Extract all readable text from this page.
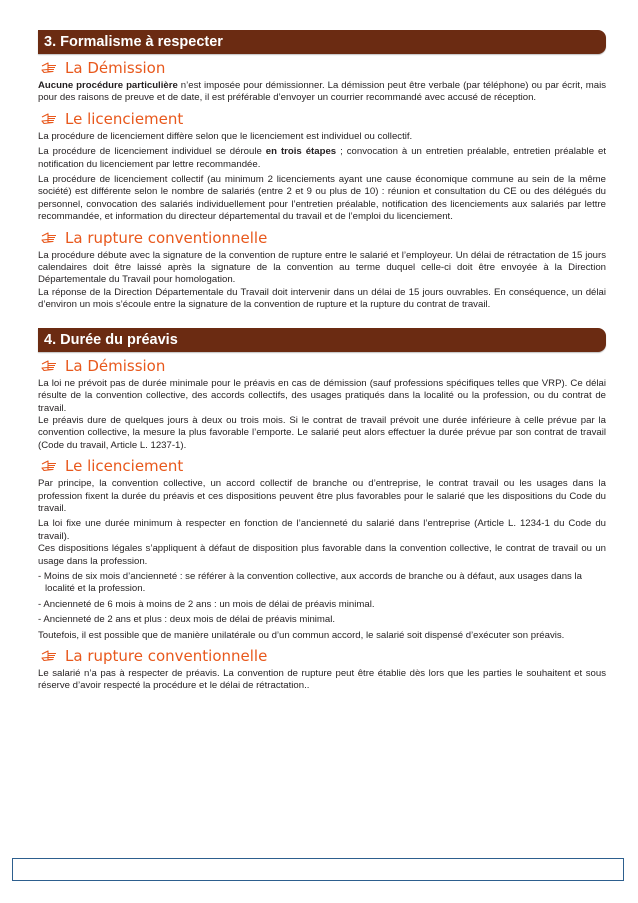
3. Formalisme à respecter
La Démission

Aucune procédure particulière n’est imposée pour démissionner. La démission peut être verbale (par téléphone) ou par écrit, mais pour des raisons de preuve et de date, il est préférable d’envoyer un courrier recommandé avec accusé de réception.

Le licenciement

La procédure de licenciement diffère selon que le licenciement est individuel ou collectif.

La procédure de licenciement individuel se déroule en trois étapes ; convocation à un entretien préalable, entretien préalable et notification du licenciement par lettre recommandée.

La procédure de licenciement collectif (au minimum 2 licenciements ayant une cause économique commune au sein de la même société) est différente selon le nombre de salariés (entre 2 et 9 ou plus de 10) : réunion et consultation du CE ou des délégués du personnel, convocation des salariés individuellement pour l’entretien préalable, notification des licenciements aux salariés par lettre recommandée, et information du directeur départemental du travail et de l’emploi du licenciement.

La rupture conventionnelle

La procédure débute avec la signature de la convention de rupture entre le salarié et l’employeur. Un délai de rétractation de 15 jours calendaires doit être laissé après la signature de la convention au terme duquel celle-ci doit être envoyée à la Direction Départementale du Travail pour homologation.

La réponse de la Direction Départementale du Travail doit intervenir dans un délai de 15 jours ouvrables. En conséquence, un délai d’environ un mois s’écoule entre la signature de la convention de rupture et la rupture du contrat de travail.

4. Durée du préavis
La Démission

La loi ne prévoit pas de durée minimale pour le préavis en cas de démission (sauf professions spécifiques telles que VRP). Ce délai résulte de la convention collective, des accords collectifs, des usages pratiqués dans la localité ou la profession, ou du contrat de travail.

Le préavis dure de quelques jours à deux ou trois mois. Si le contrat de travail prévoit une durée inférieure à celle prévue par la convention collective, la mesure la plus favorable l’emporte. Le salarié peut alors effectuer la durée prévue par son contrat de travail (Code du travail, Article L. 1237-1).

Le licenciement

Par principe, la convention collective, un accord collectif de branche ou d’entreprise, le contrat travail ou les usages dans la profession fixent la durée du préavis et ces dispositions peuvent être plus favorables pour le salarié que les dispositions du Code du travail.

La loi fixe une durée minimum à respecter en fonction de l’ancienneté du salarié dans l’entreprise (Article L. 1234-1 du Code du travail).

Ces dispositions légales s’appliquent à défaut de disposition plus favorable dans la convention collective, le contrat de travail ou un usage dans la profession.

- Moins de six mois d’ancienneté : se référer à la convention collective, aux accords de branche ou à défaut, aux usages dans la localité et la profession.
- Ancienneté de 6 mois à moins de 2 ans : un mois de délai de préavis minimal.
- Ancienneté de 2 ans et plus : deux mois de délai de préavis minimal.

Toutefois, il est possible que de manière unilatérale ou d’un commun accord, le salarié soit dispensé d’exécuter son préavis.

La rupture conventionnelle

Le salarié n’a pas à respecter de préavis. La convention de rupture peut être établie dès lors que les parties le souhaitent et sous réserve d’avoir respecté la procédure et le délai de rétractation..
